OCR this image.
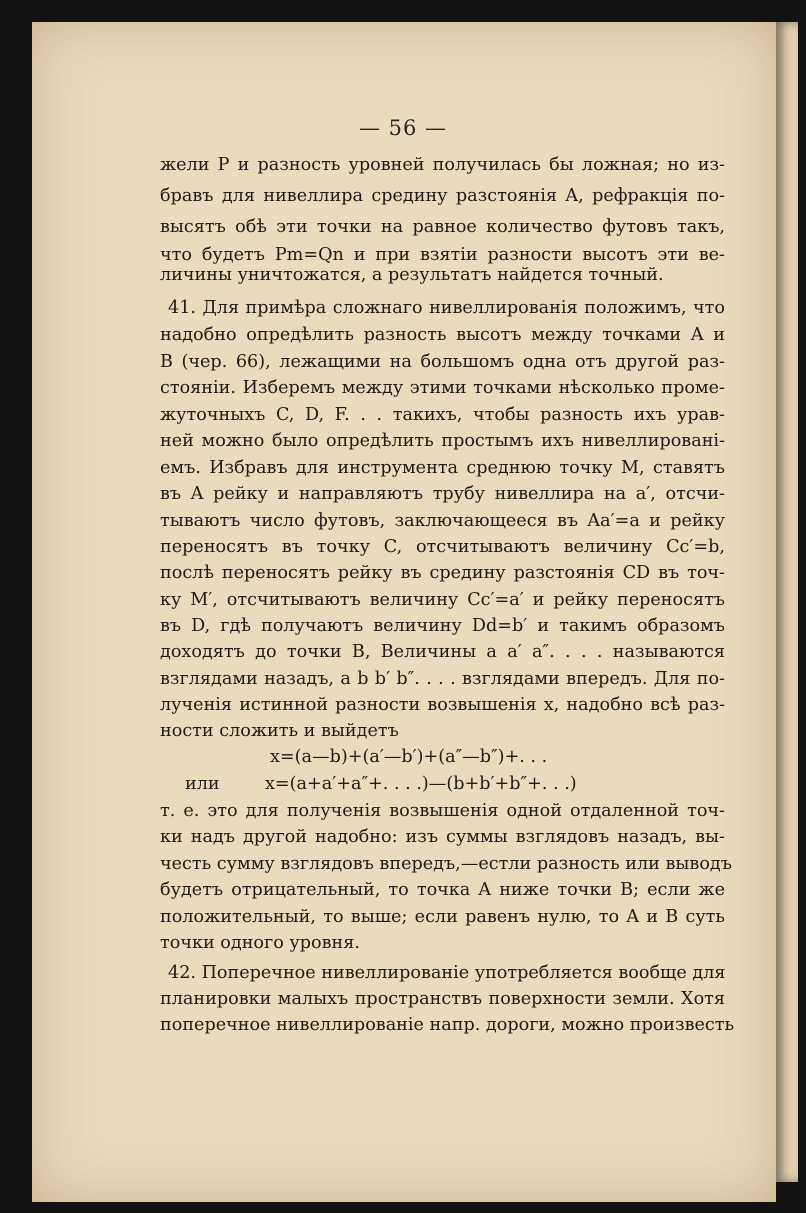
— 56 —
жели P и разность уровней получилась бы ложная; но из-
бравъ для нивеллира средину разстоянія A, рефракція по-
высятъ обѣ эти точки на равное количество футовъ такъ,
что будетъ Pm=Qn и при взятіи разности высотъ эти ве-
личины уничтожатся, а результатъ найдется точный.
41. Для примѣра сложнаго нивеллированія положимъ, что
надобно опредѣлить разность высотъ между точками A и
B (чер. 66), лежащими на большомъ одна отъ другой раз-
стояніи. Изберемъ между этими точками нѣсколько проме-
жуточныхъ C, D, F. . . такихъ, чтобы разность ихъ урав-
ней можно было опредѣлить простымъ ихъ нивеллировані-
емъ. Избравъ для инструмента среднюю точку M, ставятъ
въ A рейку и направляютъ трубу нивеллира на a′, отсчи-
тываютъ число футовъ, заключающееся въ Aa′=a и рейку
переносятъ въ точку C, отсчитываютъ величину Cc′=b,
послѣ переносятъ рейку въ средину разстоянія CD въ точ-
ку M′, отсчитываютъ величину Cc′=a′ и рейку переносятъ
въ D, гдѣ получаютъ величину Dd=b′ и такимъ образомъ
доходятъ до точки B, Величины a a′ a″. . . . называются
взглядами назадъ, a b b′ b″. . . . взглядами впередъ. Для по-
лученія истинной разности возвышенія x, надобно всѣ раз-
ности сложить и выйдетъ
x=(a—b)+(a′—b′)+(a″—b″)+. . .
или	x=(a+a′+a″+. . . .)—(b+b′+b″+. . .)
т. е. это для полученія возвышенія одной отдаленной точ-
ки надъ другой надобно: изъ суммы взглядовъ назадъ, вы-
честь сумму взглядовъ впередъ,—естли разность или выводъ
будетъ отрицательный, то точка A ниже точки B; если же
положительный, то выше; если равенъ нулю, то A и B суть
точки одного уровня.
42. Поперечное нивеллированіе употребляется вообще для
планировки малыхъ пространствъ поверхности земли. Хотя
поперечное нивеллированіе напр. дороги, можно произвесть
